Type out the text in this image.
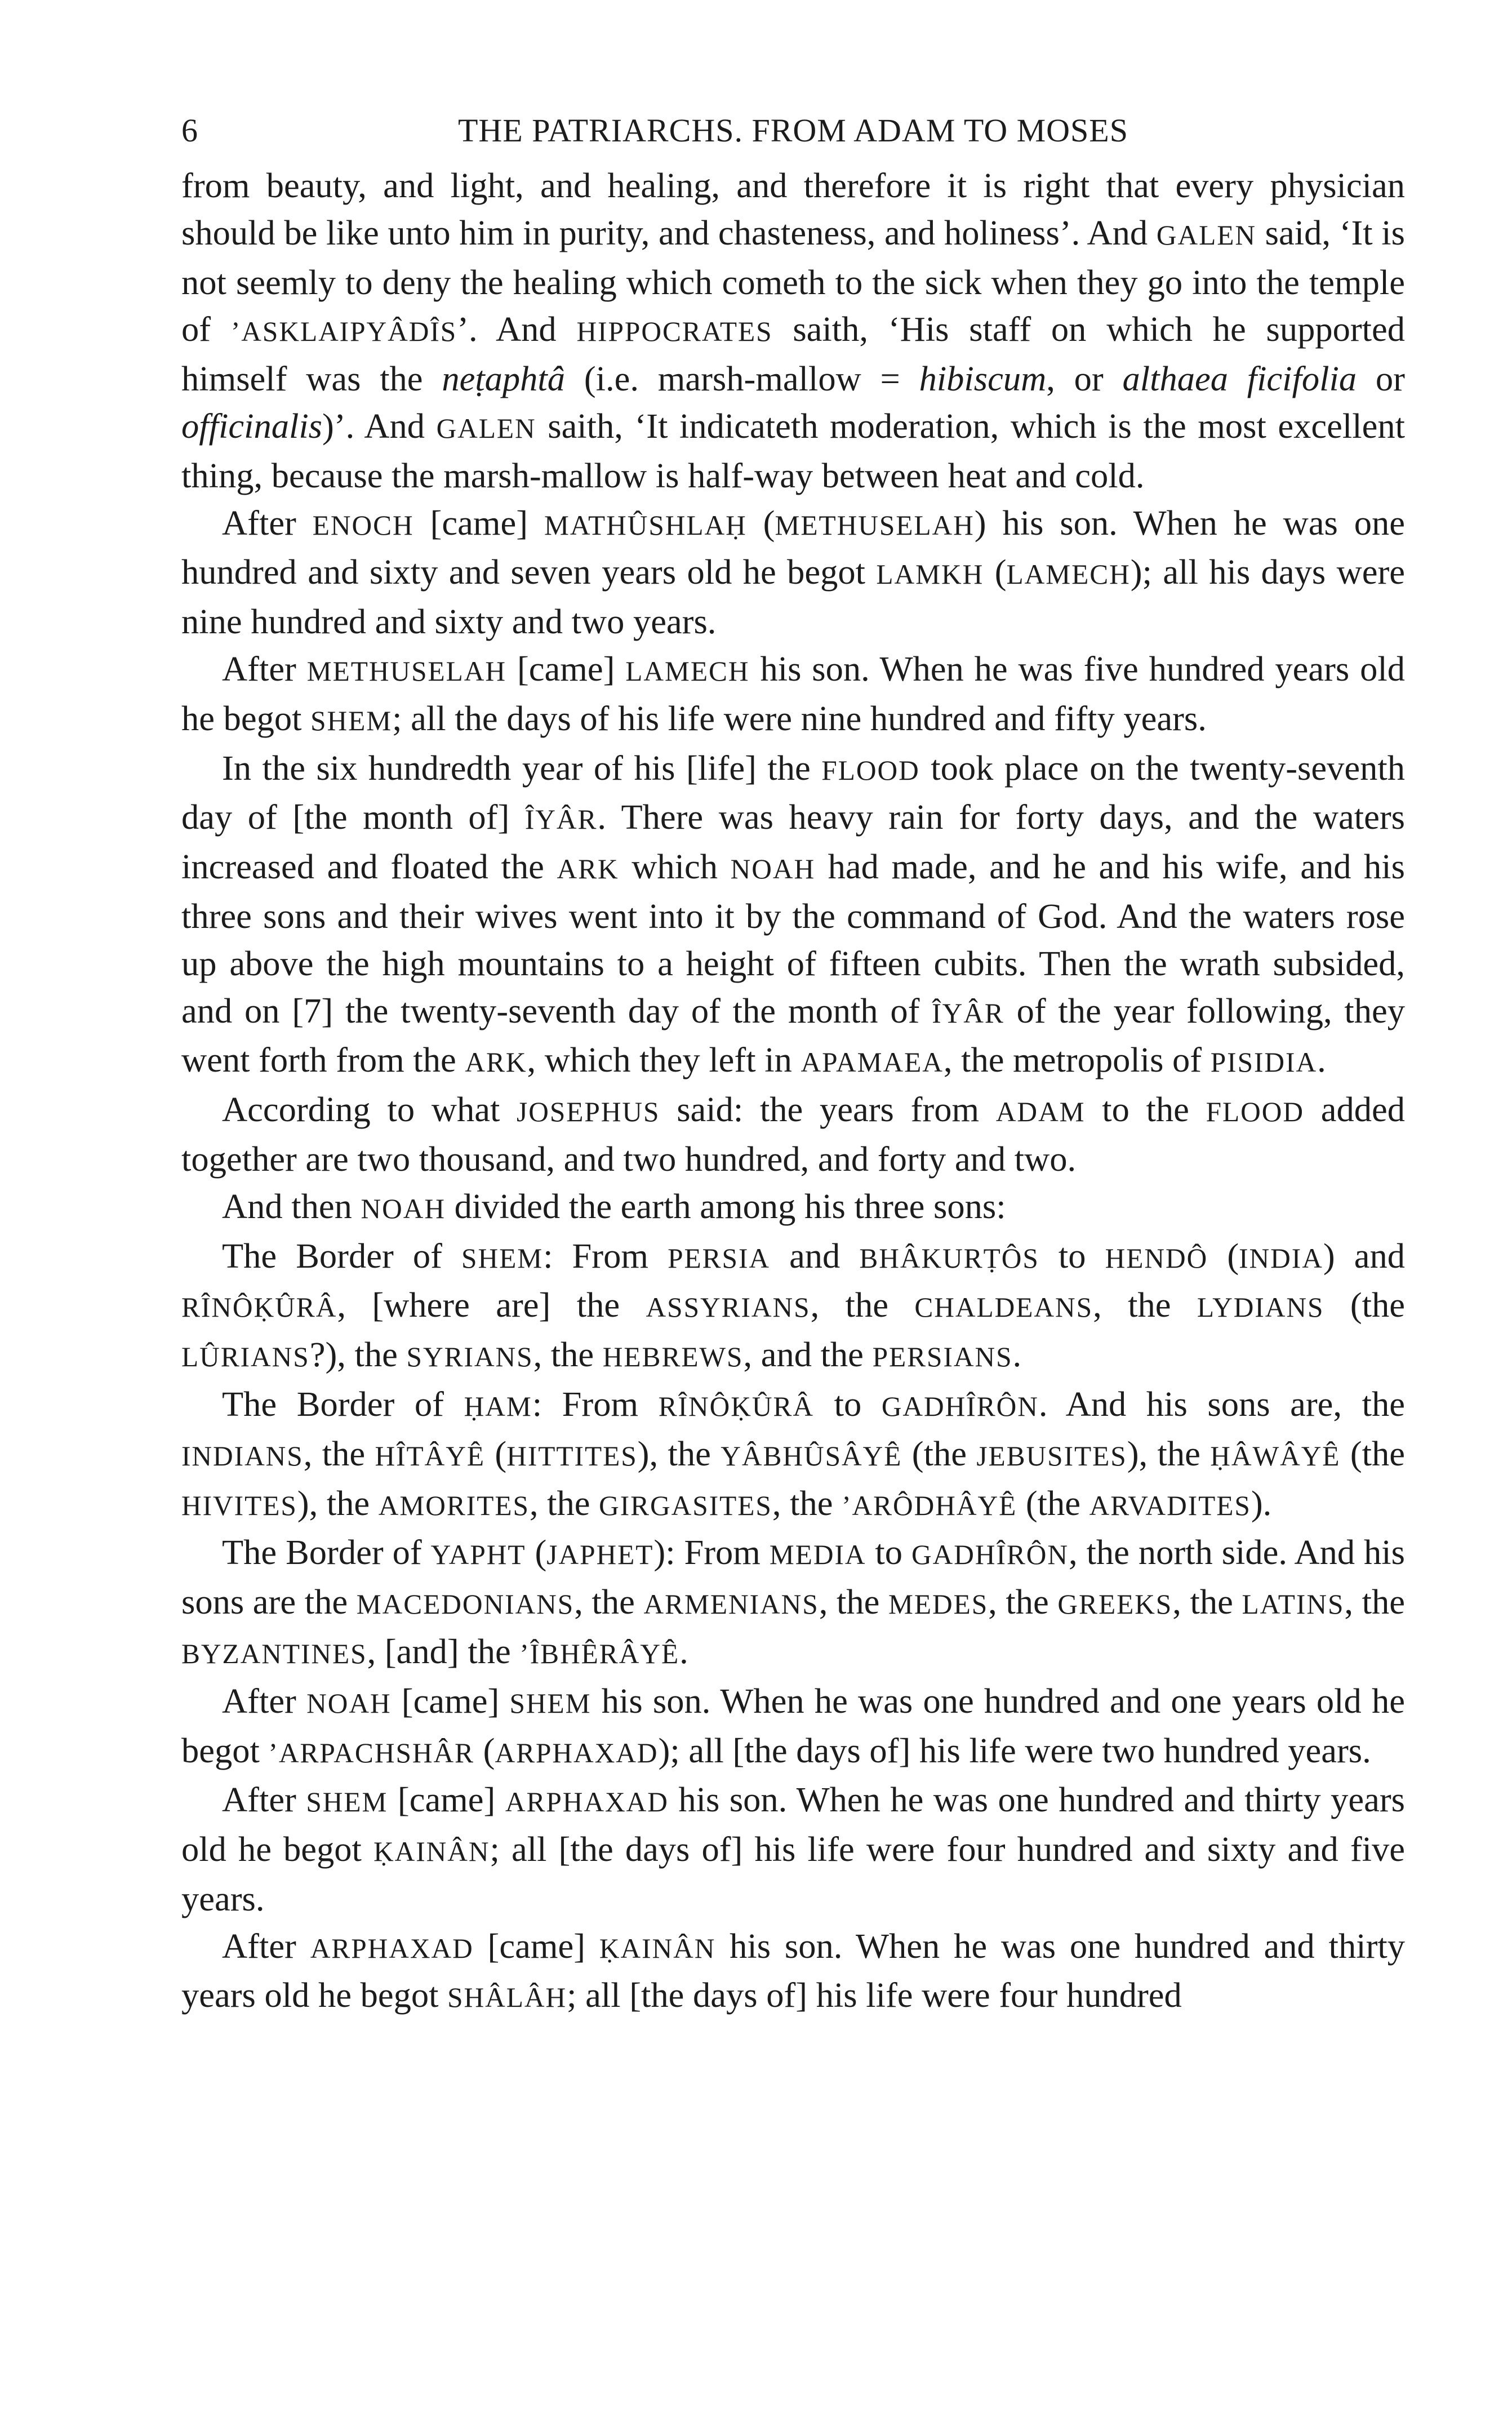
6	THE PATRIARCHS. FROM ADAM TO MOSES

from beauty, and light, and healing, and therefore it is right that every physician should be like unto him in purity, and chasteness, and holiness’. And GALEN said, ‘It is not seemly to deny the healing which cometh to the sick when they go into the temple of ’ASKLAIPYÂDÎS’. And HIPPOCRATES saith, ‘His staff on which he supported himself was the neṭaphtâ (i.e. marsh-mallow = hibiscum, or althaea ficifolia or officinalis)’. And GALEN saith, ‘It indicateth moderation, which is the most excellent thing, because the marsh-mallow is half-way between heat and cold.

After ENOCH [came] MATHÛSHLAḤ (METHUSELAH) his son. When he was one hundred and sixty and seven years old he begot LAMKH (LAMECH); all his days were nine hundred and sixty and two years.

After METHUSELAH [came] LAMECH his son. When he was five hundred years old he begot SHEM; all the days of his life were nine hundred and fifty years.

In the six hundredth year of his [life] the FLOOD took place on the twenty-seventh day of [the month of] ÎYÂR. There was heavy rain for forty days, and the waters increased and floated the ARK which NOAH had made, and he and his wife, and his three sons and their wives went into it by the command of God. And the waters rose up above the high mountains to a height of fifteen cubits. Then the wrath subsided, and on [7] the twenty-seventh day of the month of ÎYÂR of the year following, they went forth from the ARK, which they left in APAMAEA, the metropolis of PISIDIA.

According to what JOSEPHUS said: the years from ADAM to the FLOOD added together are two thousand, and two hundred, and forty and two.

And then NOAH divided the earth among his three sons:

The Border of SHEM: From PERSIA and BHÂKURṬÔS to HENDÔ (INDIA) and RÎNÔḲÛRÂ, [where are] the ASSYRIANS, the CHALDEANS, the LYDIANS (the LÛRIANS?), the SYRIANS, the HEBREWS, and the PERSIANS.

The Border of ḤAM: From RÎNÔḲÛRÂ to GADHÎRÔN. And his sons are, the INDIANS, the HÎTÂYÊ (HITTITES), the YÂBHÛSÂYÊ (the JEBUSITES), the ḤÂWÂYÊ (the HIVITES), the AMORITES, the GIRGASITES, the ’ARÔDHÂYÊ (the ARVADITES).

The Border of YAPHT (JAPHET): From MEDIA to GADHÎRÔN, the north side. And his sons are the MACEDONIANS, the ARMENIANS, the MEDES, the GREEKS, the LATINS, the BYZANTINES, [and] the ’ÎBHÊRÂYÊ.

After NOAH [came] SHEM his son. When he was one hundred and one years old he begot ’ARPACHSHÂR (ARPHAXAD); all [the days of] his life were two hundred years.

After SHEM [came] ARPHAXAD his son. When he was one hundred and thirty years old he begot ḲAINÂN; all [the days of] his life were four hundred and sixty and five years.

After ARPHAXAD [came] ḲAINÂN his son. When he was one hundred and thirty years old he begot SHÂLÂH; all [the days of] his life were four hundred
